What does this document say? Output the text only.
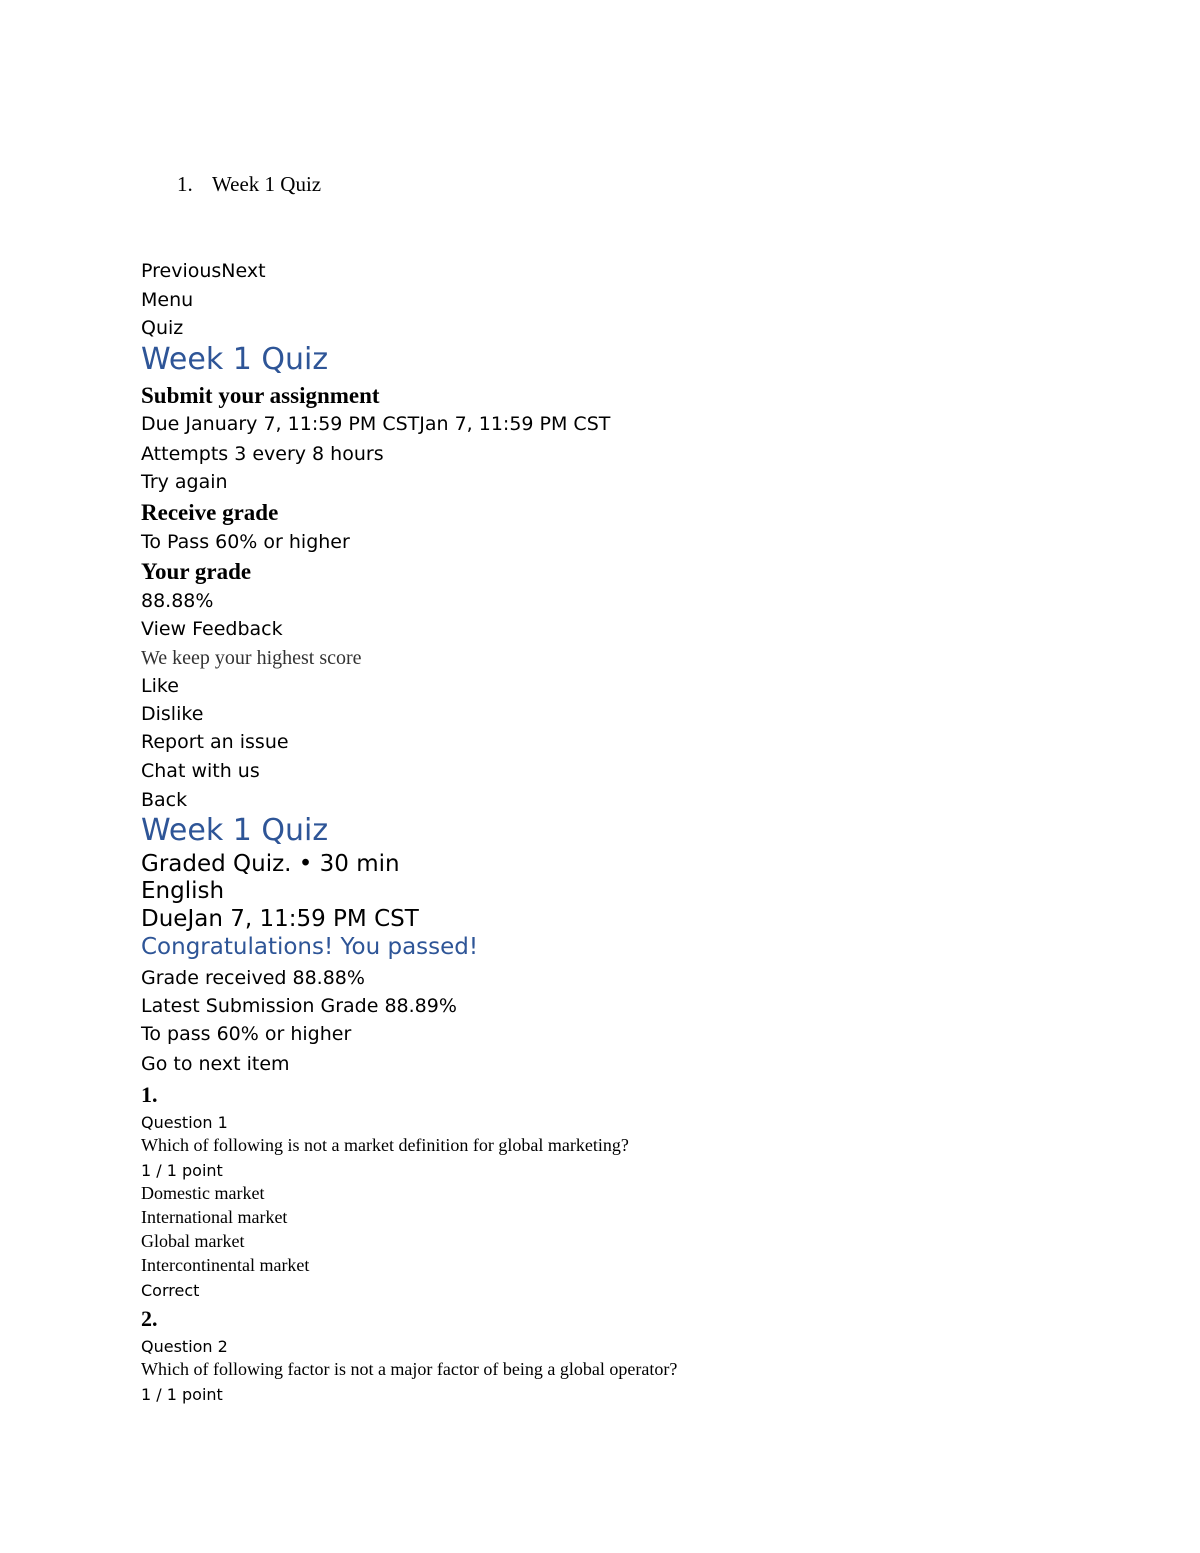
1. Week 1 Quiz
PreviousNext
Menu
Quiz
Week 1 Quiz
Submit your assignment
Due January 7, 11:59 PM CSTJan 7, 11:59 PM CST
Attempts 3 every 8 hours
Try again
Receive grade
To Pass 60% or higher
Your grade
88.88%
View Feedback
We keep your highest score
Like
Dislike
Report an issue
Chat with us
Back
Week 1 Quiz
Graded Quiz. • 30 min
English
DueJan 7, 11:59 PM CST
Congratulations! You passed!
Grade received 88.88%
Latest Submission Grade 88.89%
To pass 60% or higher
Go to next item
1.
Question 1
Which of following is not a market definition for global marketing?
1 / 1 point
Domestic market
International market
Global market
Intercontinental market
Correct
2.
Question 2
Which of following factor is not a major factor of being a global operator?
1 / 1 point
